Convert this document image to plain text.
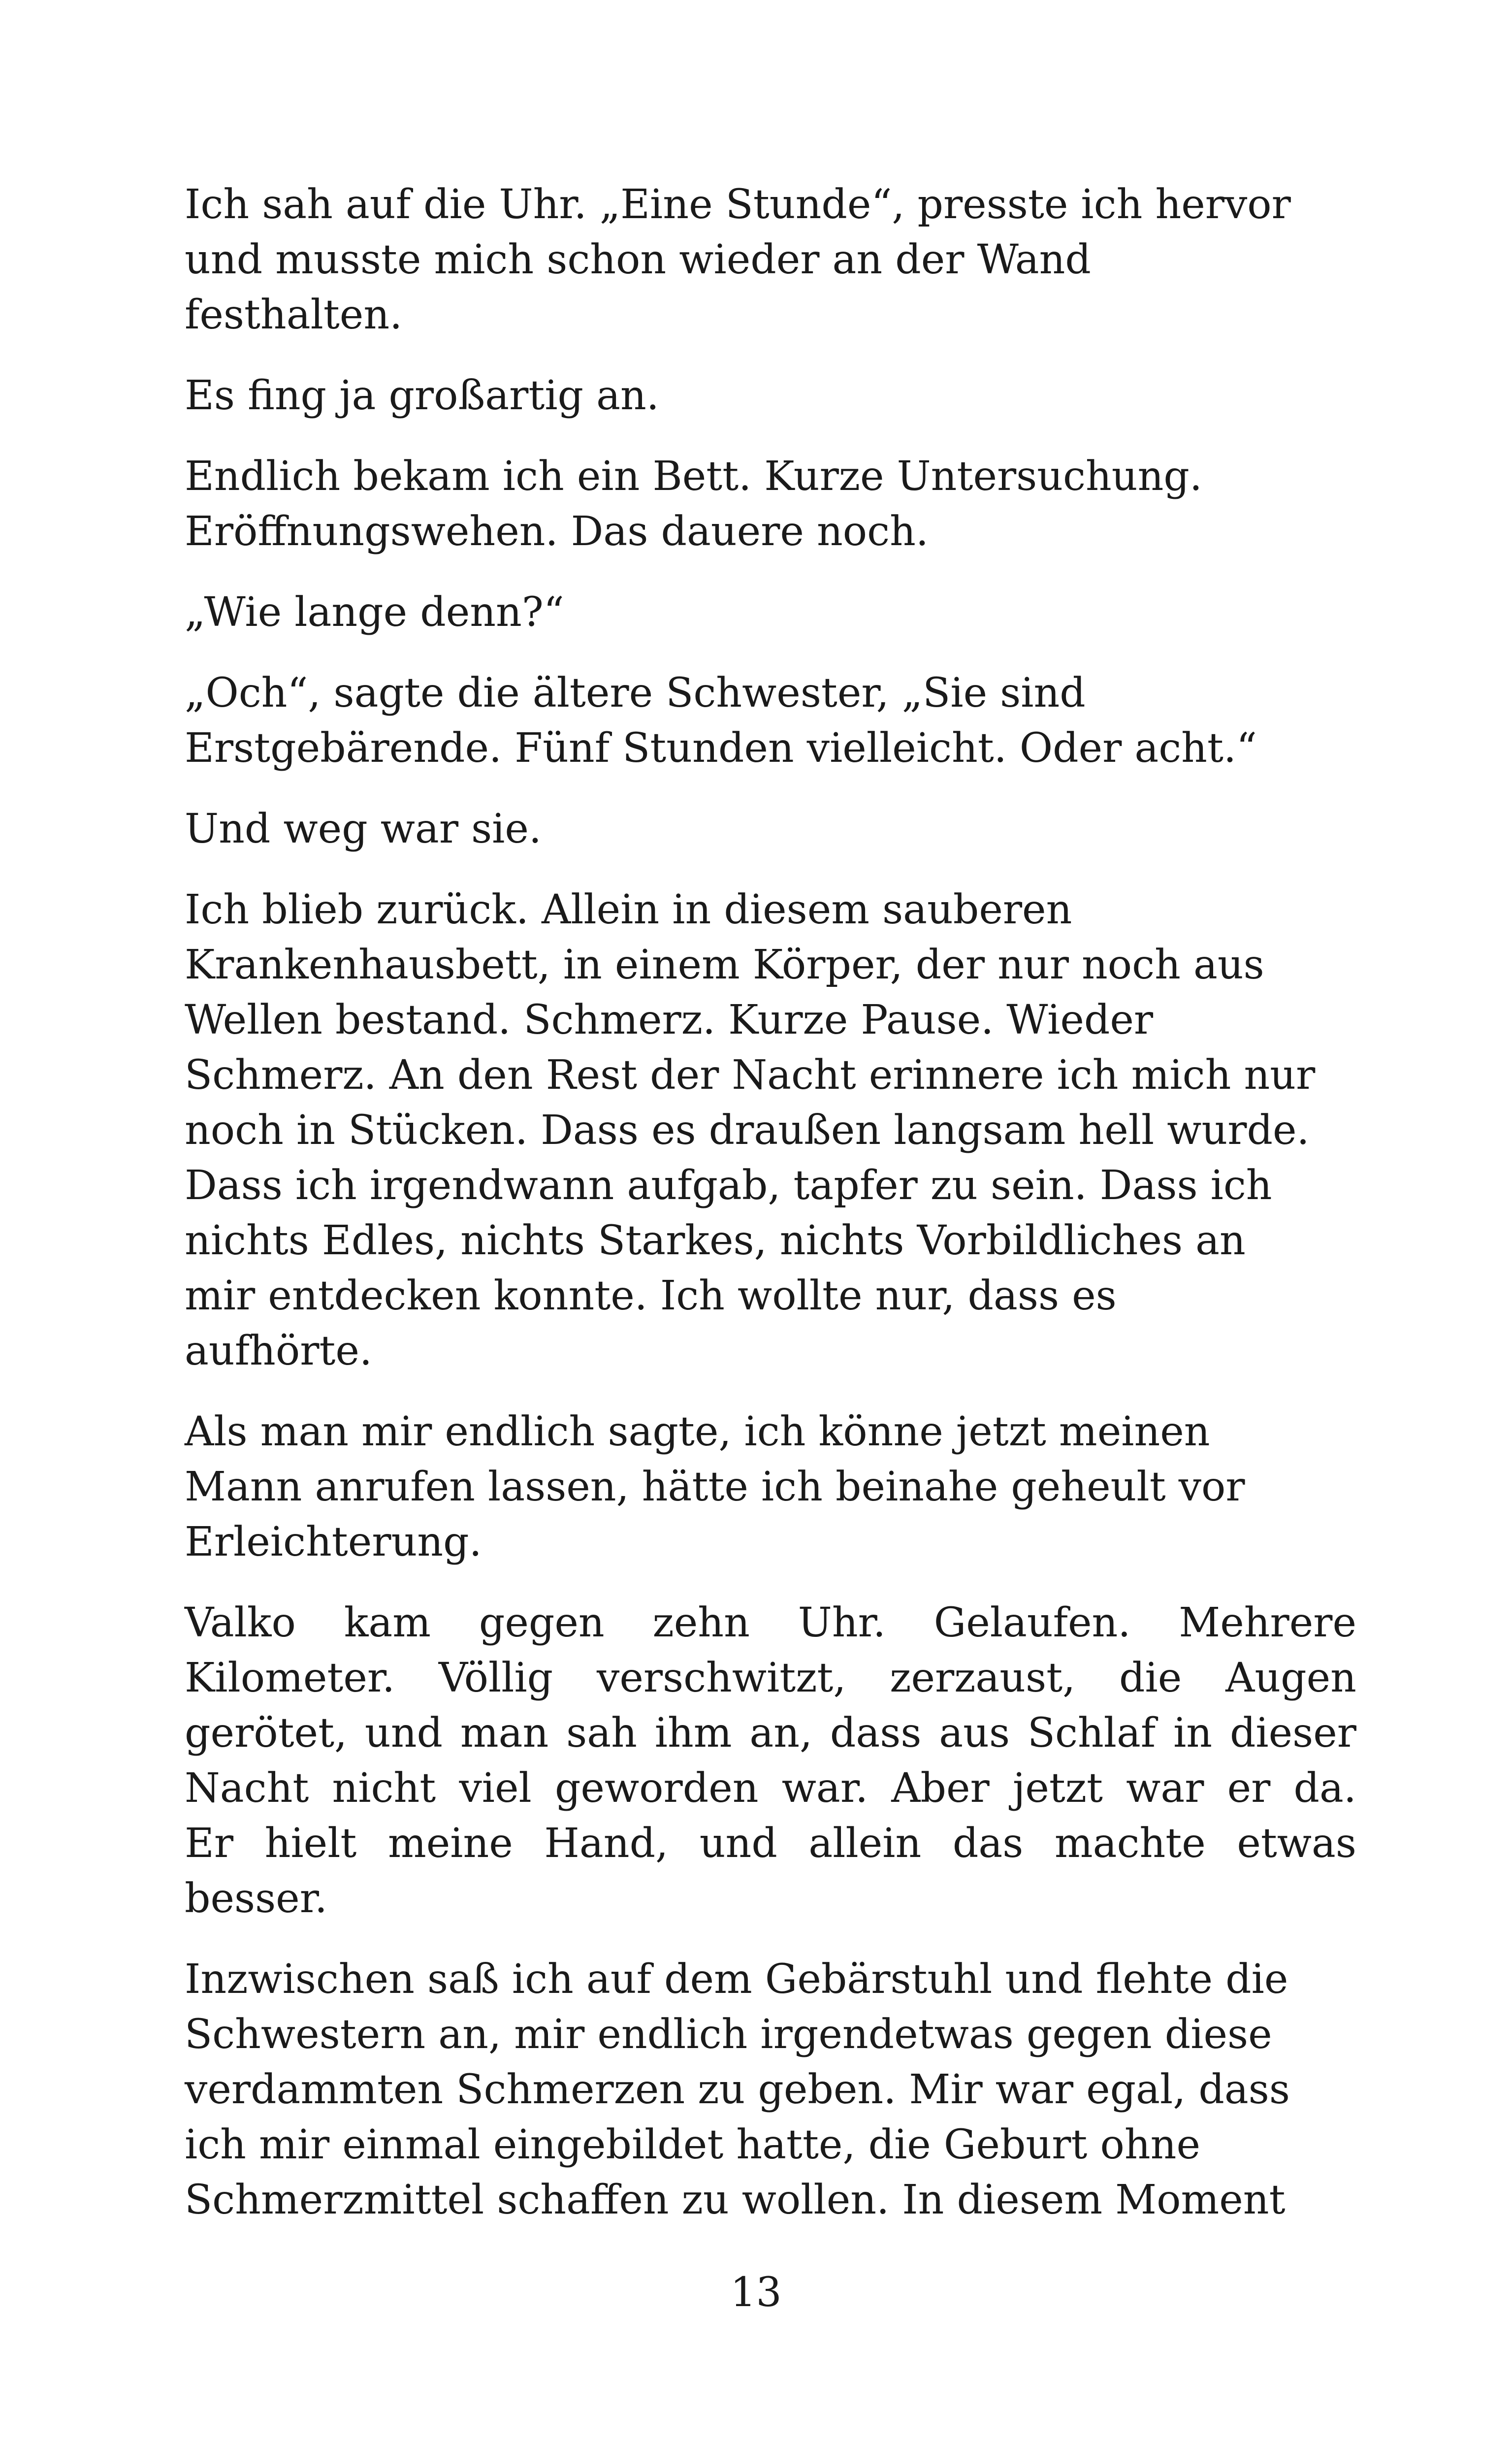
Ich sah auf die Uhr. „Eine Stunde“, presste ich hervor
und musste mich schon wieder an der Wand
festhalten.
Es fing ja großartig an.
Endlich bekam ich ein Bett. Kurze Untersuchung.
Eröffnungswehen. Das dauere noch.
„Wie lange denn?“
„Och“, sagte die ältere Schwester, „Sie sind
Erstgebärende. Fünf Stunden vielleicht. Oder acht.“
Und weg war sie.
Ich blieb zurück. Allein in diesem sauberen
Krankenhausbett, in einem Körper, der nur noch aus
Wellen bestand. Schmerz. Kurze Pause. Wieder
Schmerz. An den Rest der Nacht erinnere ich mich nur
noch in Stücken. Dass es draußen langsam hell wurde.
Dass ich irgendwann aufgab, tapfer zu sein. Dass ich
nichts Edles, nichts Starkes, nichts Vorbildliches an
mir entdecken konnte. Ich wollte nur, dass es
aufhörte.
Als man mir endlich sagte, ich könne jetzt meinen
Mann anrufen lassen, hätte ich beinahe geheult vor
Erleichterung.
Valko kam gegen zehn Uhr. Gelaufen. Mehrere
Kilometer. Völlig verschwitzt, zerzaust, die Augen
gerötet, und man sah ihm an, dass aus Schlaf in dieser
Nacht nicht viel geworden war. Aber jetzt war er da.
Er hielt meine Hand, und allein das machte etwas
besser.
Inzwischen saß ich auf dem Gebärstuhl und flehte die
Schwestern an, mir endlich irgendetwas gegen diese
verdammten Schmerzen zu geben. Mir war egal, dass
ich mir einmal eingebildet hatte, die Geburt ohne
Schmerzmittel schaffen zu wollen. In diesem Moment
13
